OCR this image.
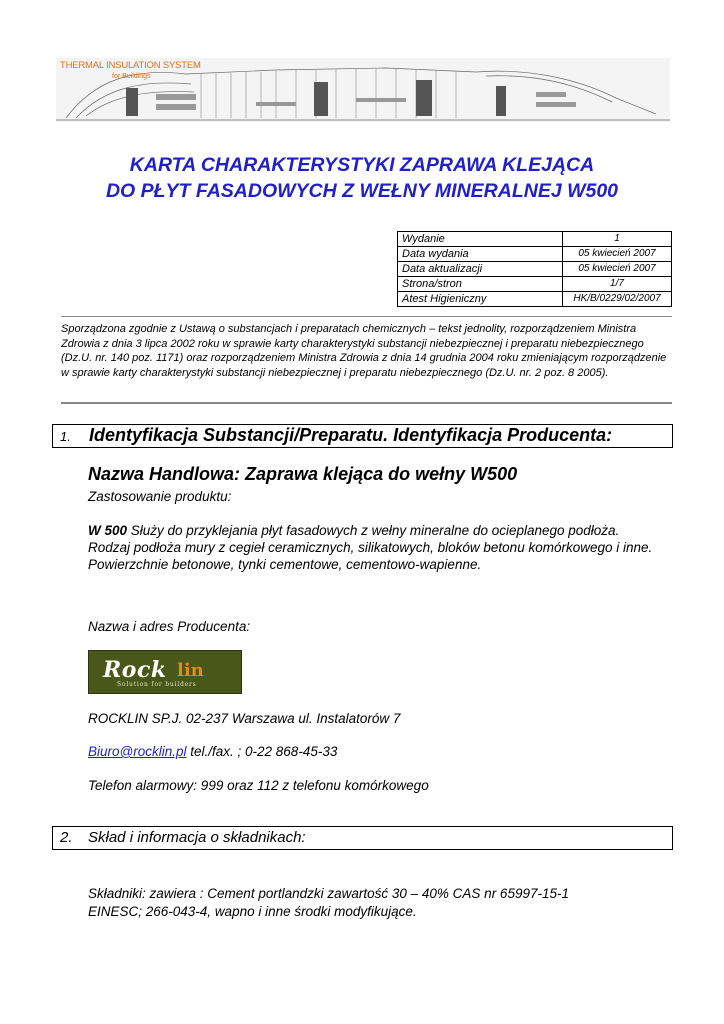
THERMAL INSULATION SYSTEM
for Buildings
KARTA CHARAKTERYSTYKI ZAPRAWA KLEJĄCA
DO PŁYT FASADOWYCH Z WEŁNY MINERALNEJ W500
Wydanie	1
Data wydania	05 kwiecień 2007
Data aktualizacji	05 kwiecień 2007
Strona/stron	1/7
Atest Higieniczny	HK/B/0229/02/2007
Sporządzona zgodnie z Ustawą o substancjach i preparatach chemicznych – tekst jednolity, rozporządzeniem Ministra Zdrowia z dnia 3 lipca 2002 roku w sprawie karty charakterystyki substancji niebezpiecznej i preparatu niebezpiecznego (Dz.U. nr. 140 poz. 1171) oraz rozporządzeniem Ministra Zdrowia z dnia 14 grudnia 2004 roku zmieniającym rozporządzenie w sprawie karty charakterystyki substancji niebezpiecznej i preparatu niebezpiecznego (Dz.U. nr. 2 poz. 8 2005).
1. Identyfikacja Substancji/Preparatu. Identyfikacja Producenta:
Nazwa Handlowa: Zaprawa klejąca do wełny W500
Zastosowanie produktu:
W 500 Służy do przyklejania płyt fasadowych z wełny mineralne do ocieplanego podłoża. Rodzaj podłoża mury z cegieł ceramicznych, silikatowych, bloków betonu komórkowego i inne. Powierzchnie betonowe, tynki cementowe, cementowo-wapienne.
Nazwa i adres Producenta:
Rock lin
Solution for builders
ROCKLIN SP.J. 02-237 Warszawa ul. Instalatorów 7
Biuro@rocklin.pl tel./fax. ; 0-22 868-45-33
Telefon alarmowy: 999 oraz 112 z telefonu komórkowego
2. Skład i informacja o składnikach:
Składniki: zawiera : Cement portlandzki zawartość 30 – 40% CAS nr 65997-15-1
EINESC; 266-043-4, wapno i inne środki modyfikujące.
